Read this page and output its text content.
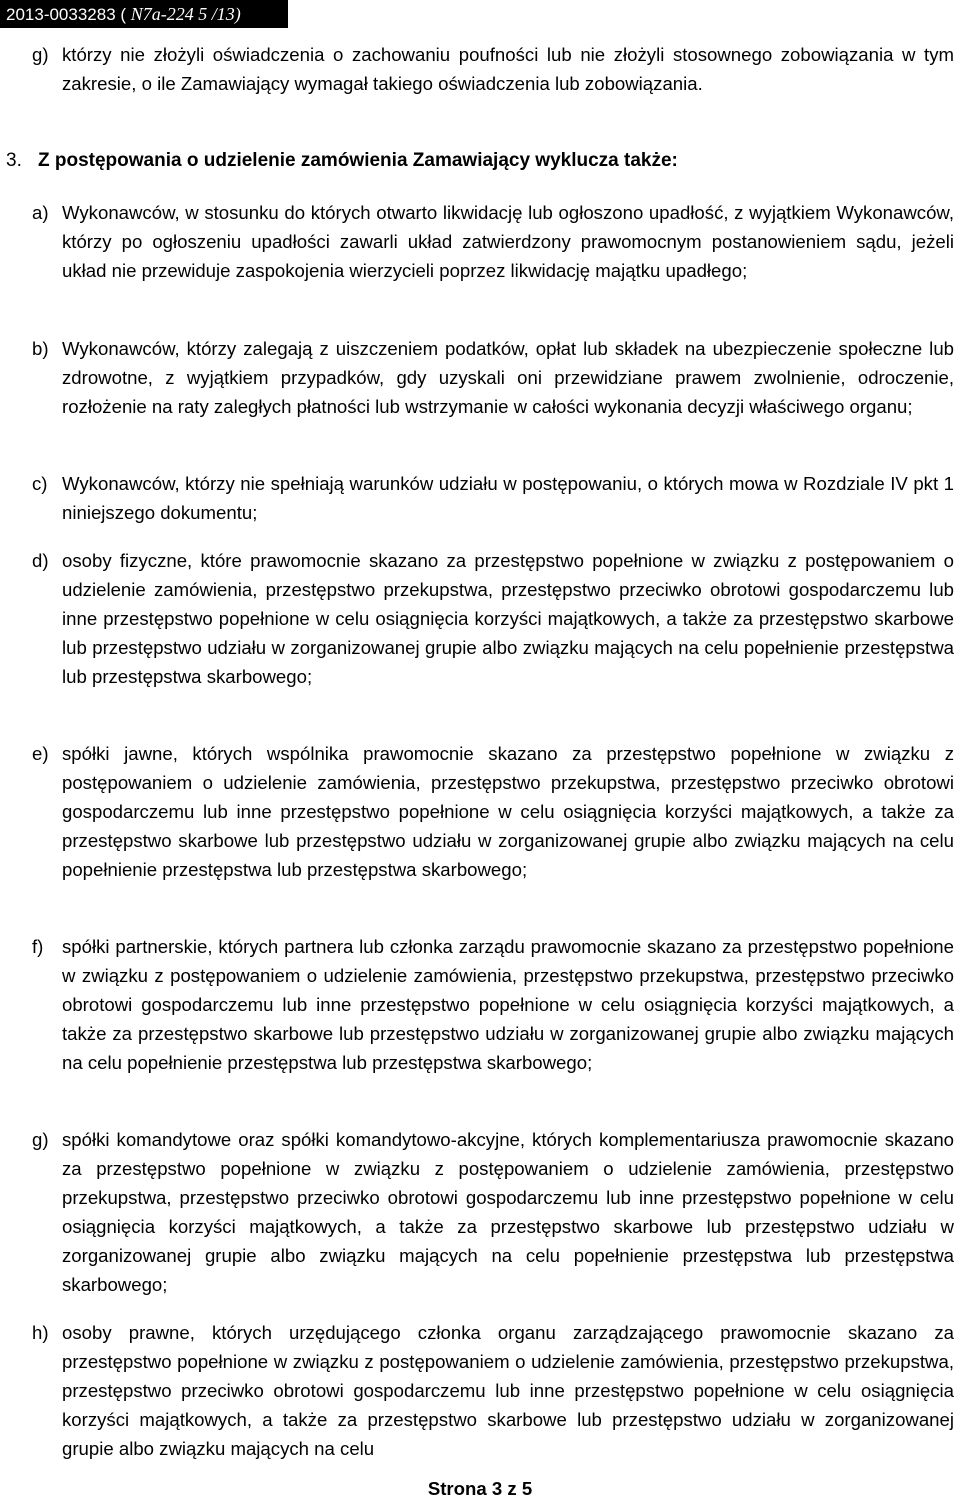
2013-0033283 ( N7a-224 5 /13)
g) którzy nie złożyli oświadczenia o zachowaniu poufności lub nie złożyli stosownego zobowiązania w tym zakresie, o ile Zamawiający wymagał takiego oświadczenia lub zobowiązania.
3. Z postępowania o udzielenie zamówienia Zamawiający wyklucza także:
a) Wykonawców, w stosunku do których otwarto likwidację lub ogłoszono upadłość, z wyjątkiem Wykonawców, którzy po ogłoszeniu upadłości zawarli układ zatwierdzony prawomocnym postanowieniem sądu, jeżeli układ nie przewiduje zaspokojenia wierzycieli poprzez likwidację majątku upadłego;
b) Wykonawców, którzy zalegają z uiszczeniem podatków, opłat lub składek na ubezpieczenie społeczne lub zdrowotne, z wyjątkiem przypadków, gdy uzyskali oni przewidziane prawem zwolnienie, odroczenie, rozłożenie na raty zaległych płatności lub wstrzymanie w całości wykonania decyzji właściwego organu;
c) Wykonawców, którzy nie spełniają warunków udziału w postępowaniu, o których mowa w Rozdziale IV pkt 1 niniejszego dokumentu;
d) osoby fizyczne, które prawomocnie skazano za przestępstwo popełnione w związku z postępowaniem o udzielenie zamówienia, przestępstwo przekupstwa, przestępstwo przeciwko obrotowi gospodarczemu lub inne przestępstwo popełnione w celu osiągnięcia korzyści majątkowych, a także za przestępstwo skarbowe lub przestępstwo udziału w zorganizowanej grupie albo związku mających na celu popełnienie przestępstwa lub przestępstwa skarbowego;
e) spółki jawne, których wspólnika prawomocnie skazano za przestępstwo popełnione w związku z postępowaniem o udzielenie zamówienia, przestępstwo przekupstwa, przestępstwo przeciwko obrotowi gospodarczemu lub inne przestępstwo popełnione w celu osiągnięcia korzyści majątkowych, a także za przestępstwo skarbowe lub przestępstwo udziału w zorganizowanej grupie albo związku mających na celu popełnienie przestępstwa lub przestępstwa skarbowego;
f) spółki partnerskie, których partnera lub członka zarządu prawomocnie skazano za przestępstwo popełnione w związku z postępowaniem o udzielenie zamówienia, przestępstwo przekupstwa, przestępstwo przeciwko obrotowi gospodarczemu lub inne przestępstwo popełnione w celu osiągnięcia korzyści majątkowych, a także za przestępstwo skarbowe lub przestępstwo udziału w zorganizowanej grupie albo związku mających na celu popełnienie przestępstwa lub przestępstwa skarbowego;
g) spółki komandytowe oraz spółki komandytowo-akcyjne, których komplementariusza prawomocnie skazano za przestępstwo popełnione w związku z postępowaniem o udzielenie zamówienia, przestępstwo przekupstwa, przestępstwo przeciwko obrotowi gospodarczemu lub inne przestępstwo popełnione w celu osiągnięcia korzyści majątkowych, a także za przestępstwo skarbowe lub przestępstwo udziału w zorganizowanej grupie albo związku mających na celu popełnienie przestępstwa lub przestępstwa skarbowego;
h) osoby prawne, których urzędującego członka organu zarządzającego prawomocnie skazano za przestępstwo popełnione w związku z postępowaniem o udzielenie zamówienia, przestępstwo przekupstwa, przestępstwo przeciwko obrotowi gospodarczemu lub inne przestępstwo popełnione w celu osiągnięcia korzyści majątkowych, a także za przestępstwo skarbowe lub przestępstwo udziału w zorganizowanej grupie albo związku mających na celu
Strona 3 z 5
